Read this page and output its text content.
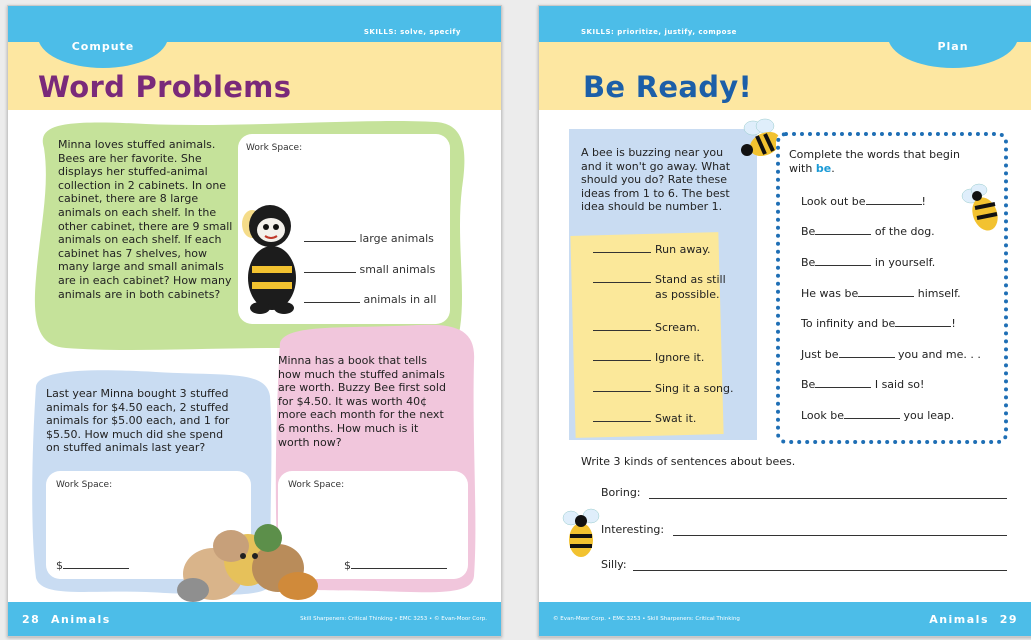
SKILLS: solve, specify
Compute
Word Problems
Work Space:
Minna loves stuffed animals.
Bees are her favorite. She
displays her stuffed-animal
collection in 2 cabinets. In one
cabinet, there are 8 large
animals on each shelf. In the
other cabinet, there are 9 small
animals on each shelf. If each
cabinet has 7 shelves, how
many large and small animals
are in each cabinet? How many
animals are in both cabinets?
large animals
small animals
animals in all
Last year Minna bought 3 stuffed
animals for $4.50 each, 2 stuffed
animals for $5.00 each, and 1 for
$5.50. How much did she spend
on stuffed animals last year?
Minna has a book that tells
how much the stuffed animals
are worth. Buzzy Bee first sold
for $4.50. It was worth 40¢
more each month for the next
6 months. How much is it
worth now?
Work Space:
$
Work Space:
$
28 Animals	Skill Sharpeners: Critical Thinking • EMC 3253 • © Evan-Moor Corp.
SKILLS: prioritize, justify, compose
Plan
Be Ready!
A bee is buzzing near you
and it won't go away. What
should you do? Rate these
ideas from 1 to 6. The best
idea should be number 1.
Run away.
Stand as still
as possible.
Scream.
Ignore it.
Sing it a song.
Swat it.
Complete the words that begin
with be.
Look out be	!
Be	of the dog.
Be	in yourself.
He was be	himself.
To infinity and be	!
Just be	you and me. . .
Be	I said so!
Look be	you leap.
Write 3 kinds of sentences about bees.
Boring:
Interesting:
Silly:
© Evan-Moor Corp. • EMC 3253 • Skill Sharpeners: Critical Thinking	Animals 29
